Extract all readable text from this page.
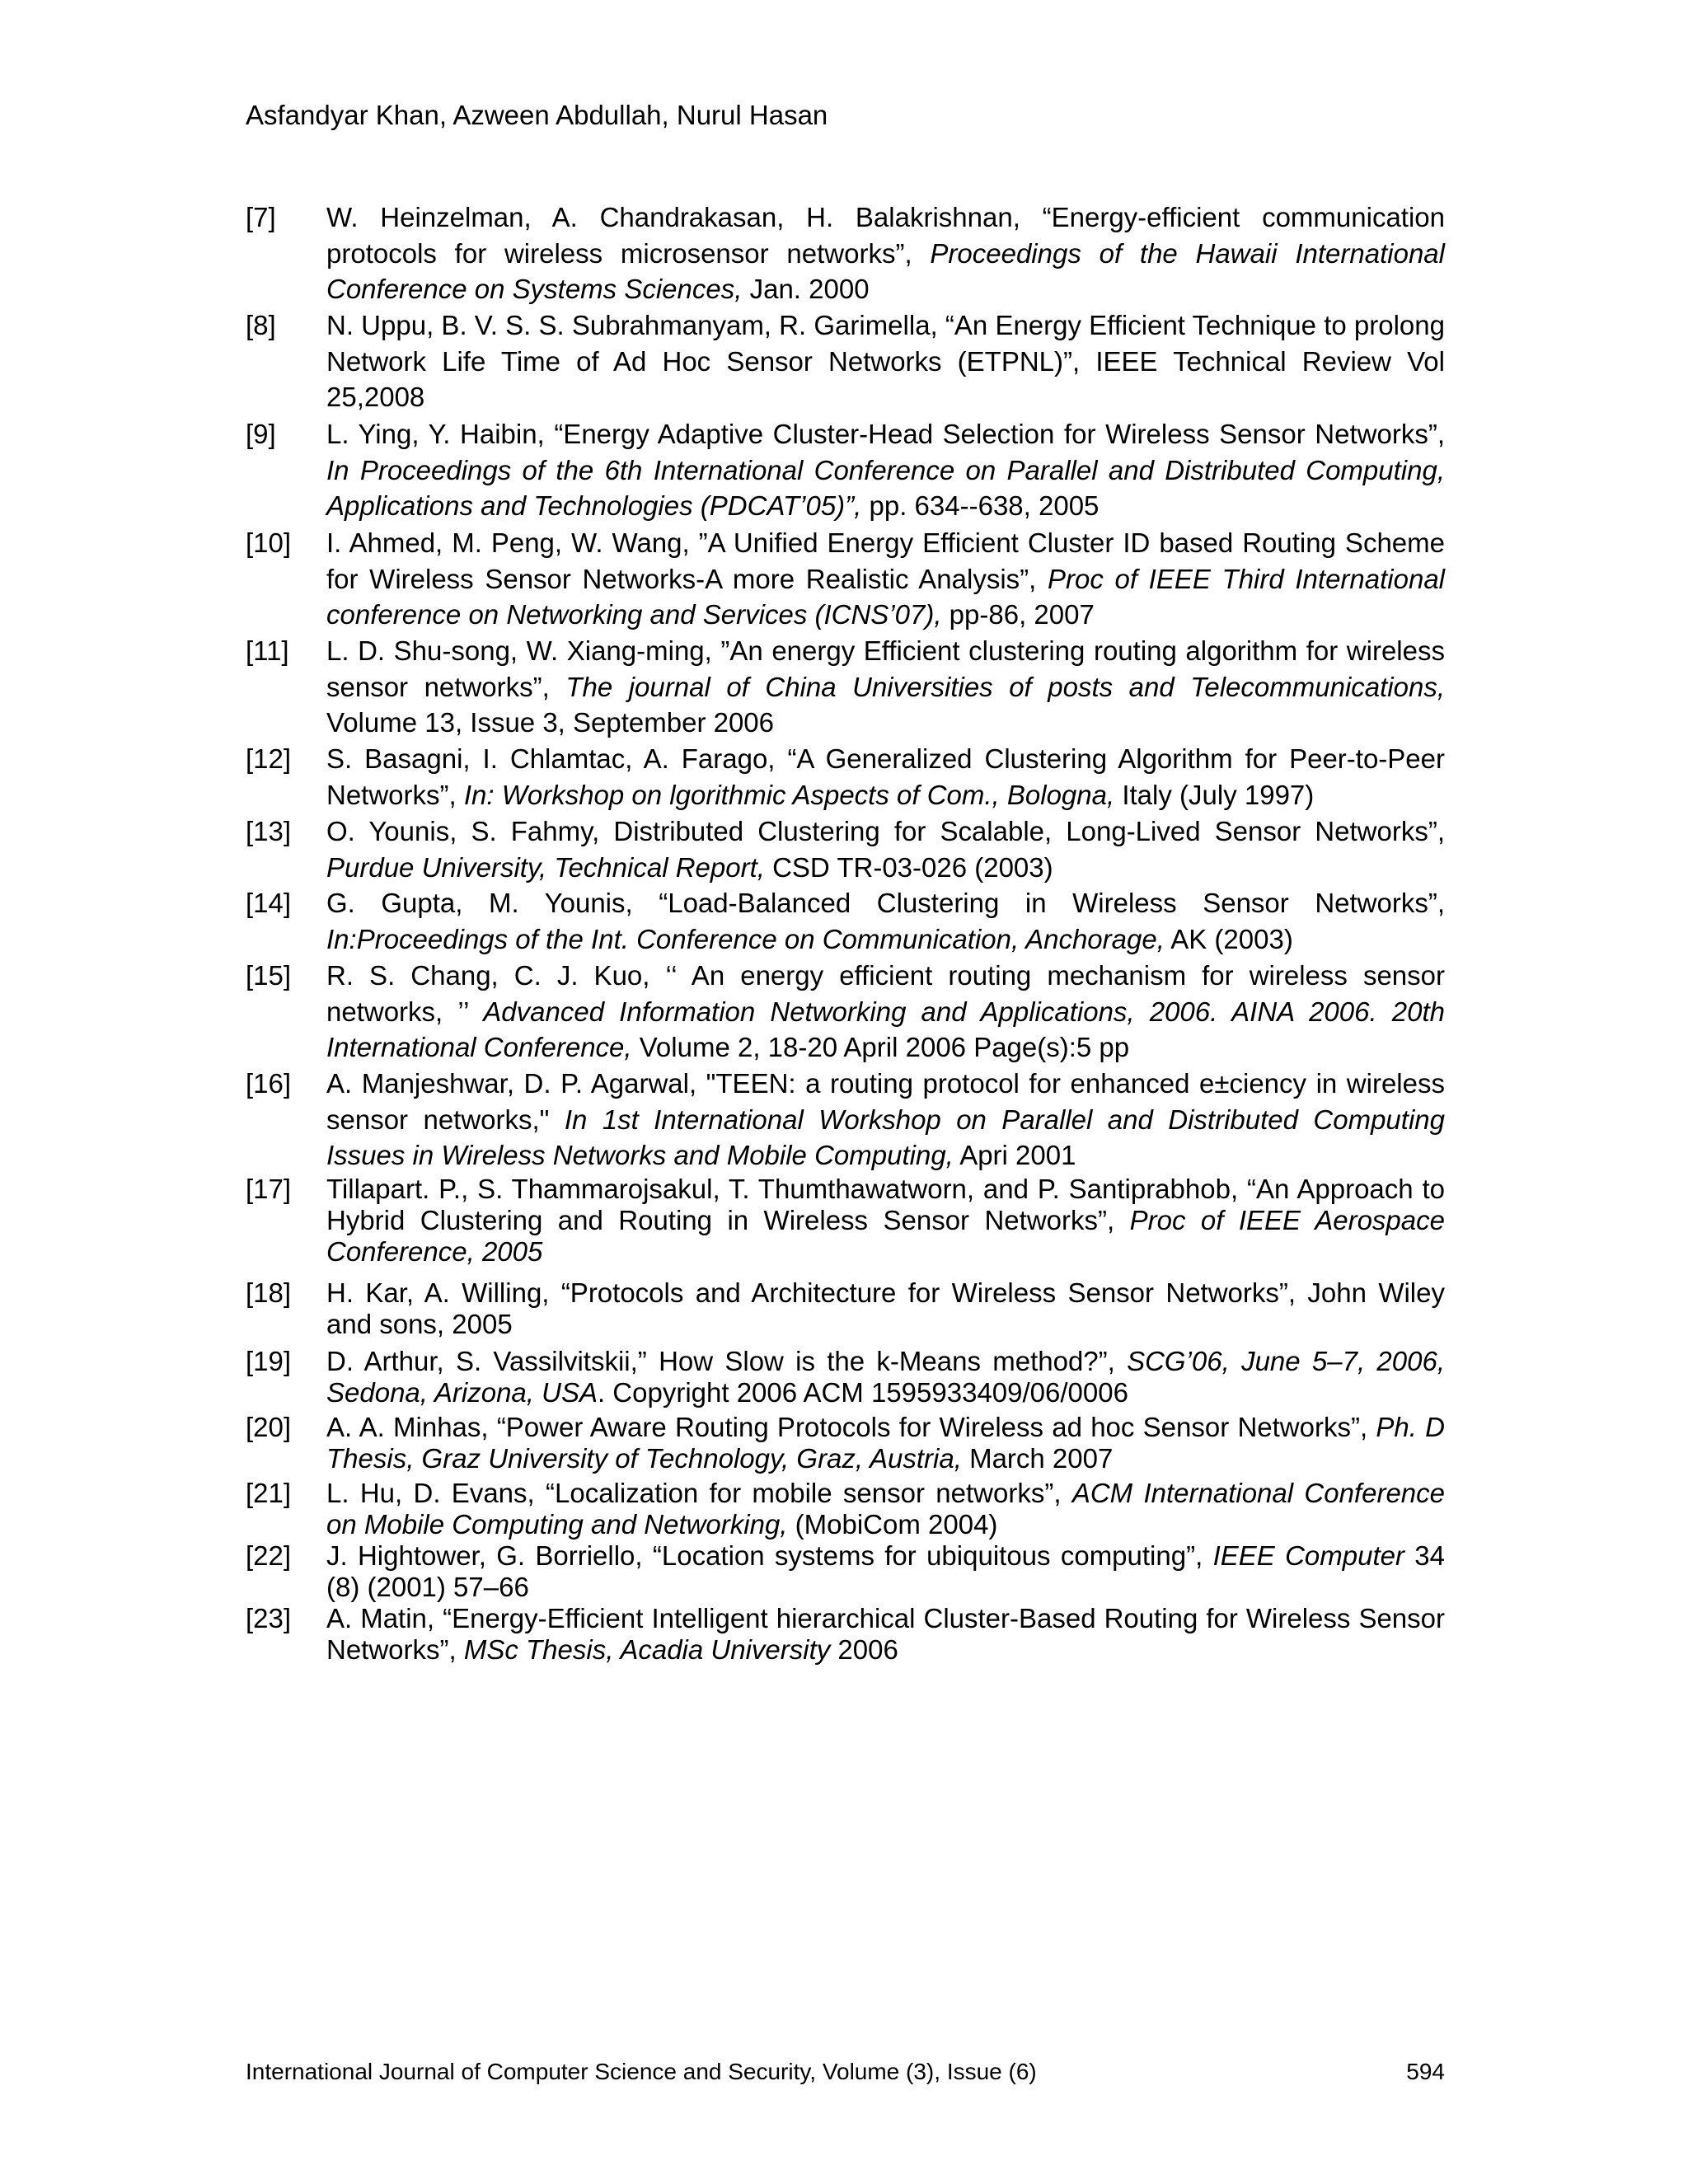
Asfandyar Khan, Azween Abdullah, Nurul Hasan
[7] W. Heinzelman, A. Chandrakasan, H. Balakrishnan, “Energy-efficient communication protocols for wireless microsensor networks”, Proceedings of the Hawaii International Conference on Systems Sciences, Jan. 2000
[8] N. Uppu, B. V. S. S. Subrahmanyam, R. Garimella, “An Energy Efficient Technique to prolong Network Life Time of Ad Hoc Sensor Networks (ETPNL)”, IEEE Technical Review Vol 25,2008
[9] L. Ying, Y. Haibin, “Energy Adaptive Cluster-Head Selection for Wireless Sensor Networks”, In Proceedings of the 6th International Conference on Parallel and Distributed Computing, Applications and Technologies (PDCAT’05)”, pp. 634--638, 2005
[10] I. Ahmed, M. Peng, W. Wang, ”A Unified Energy Efficient Cluster ID based Routing Scheme for Wireless Sensor Networks-A more Realistic Analysis”, Proc of IEEE Third International conference on Networking and Services (ICNS’07), pp-86, 2007
[11] L. D. Shu-song, W. Xiang-ming, ”An energy Efficient clustering routing algorithm for wireless sensor networks”, The journal of China Universities of posts and Telecommunications, Volume 13, Issue 3, September 2006
[12] S. Basagni, I. Chlamtac, A. Farago, “A Generalized Clustering Algorithm for Peer-to-Peer Networks”, In: Workshop on lgorithmic Aspects of Com., Bologna, Italy (July 1997)
[13] O. Younis, S. Fahmy, Distributed Clustering for Scalable, Long-Lived Sensor Networks”, Purdue University, Technical Report, CSD TR-03-026 (2003)
[14] G. Gupta, M. Younis, “Load-Balanced Clustering in Wireless Sensor Networks”, In:Proceedings of the Int. Conference on Communication, Anchorage, AK (2003)
[15] R. S. Chang, C. J. Kuo, ‘‘ An energy efficient routing mechanism for wireless sensor networks, ’’ Advanced Information Networking and Applications, 2006. AINA 2006. 20th International Conference, Volume 2, 18-20 April 2006 Page(s):5 pp
[16] A. Manjeshwar, D. P. Agarwal, "TEEN: a routing protocol for enhanced e±ciency in wireless sensor networks," In 1st International Workshop on Parallel and Distributed Computing Issues in Wireless Networks and Mobile Computing, Apri 2001
[17] Tillapart. P., S. Thammarojsakul, T. Thumthawatworn, and P. Santiprabhob, “An Approach to Hybrid Clustering and Routing in Wireless Sensor Networks”, Proc of IEEE Aerospace Conference, 2005
[18] H. Kar, A. Willing, “Protocols and Architecture for Wireless Sensor Networks”, John Wiley and sons, 2005
[19] D. Arthur, S. Vassilvitskii,” How Slow is the k-Means method?”, SCG’06, June 5–7, 2006, Sedona, Arizona, USA. Copyright 2006 ACM 1595933409/06/0006
[20] A. A. Minhas, “Power Aware Routing Protocols for Wireless ad hoc Sensor Networks”, Ph. D Thesis, Graz University of Technology, Graz, Austria, March 2007
[21] L. Hu, D. Evans, “Localization for mobile sensor networks”, ACM International Conference on Mobile Computing and Networking, (MobiCom 2004)
[22] J. Hightower, G. Borriello, “Location systems for ubiquitous computing”, IEEE Computer 34 (8) (2001) 57–66
[23] A. Matin, “Energy-Efficient Intelligent hierarchical Cluster-Based Routing for Wireless Sensor Networks”, MSc Thesis, Acadia University 2006
International Journal of Computer Science and Security, Volume (3), Issue (6)	594
